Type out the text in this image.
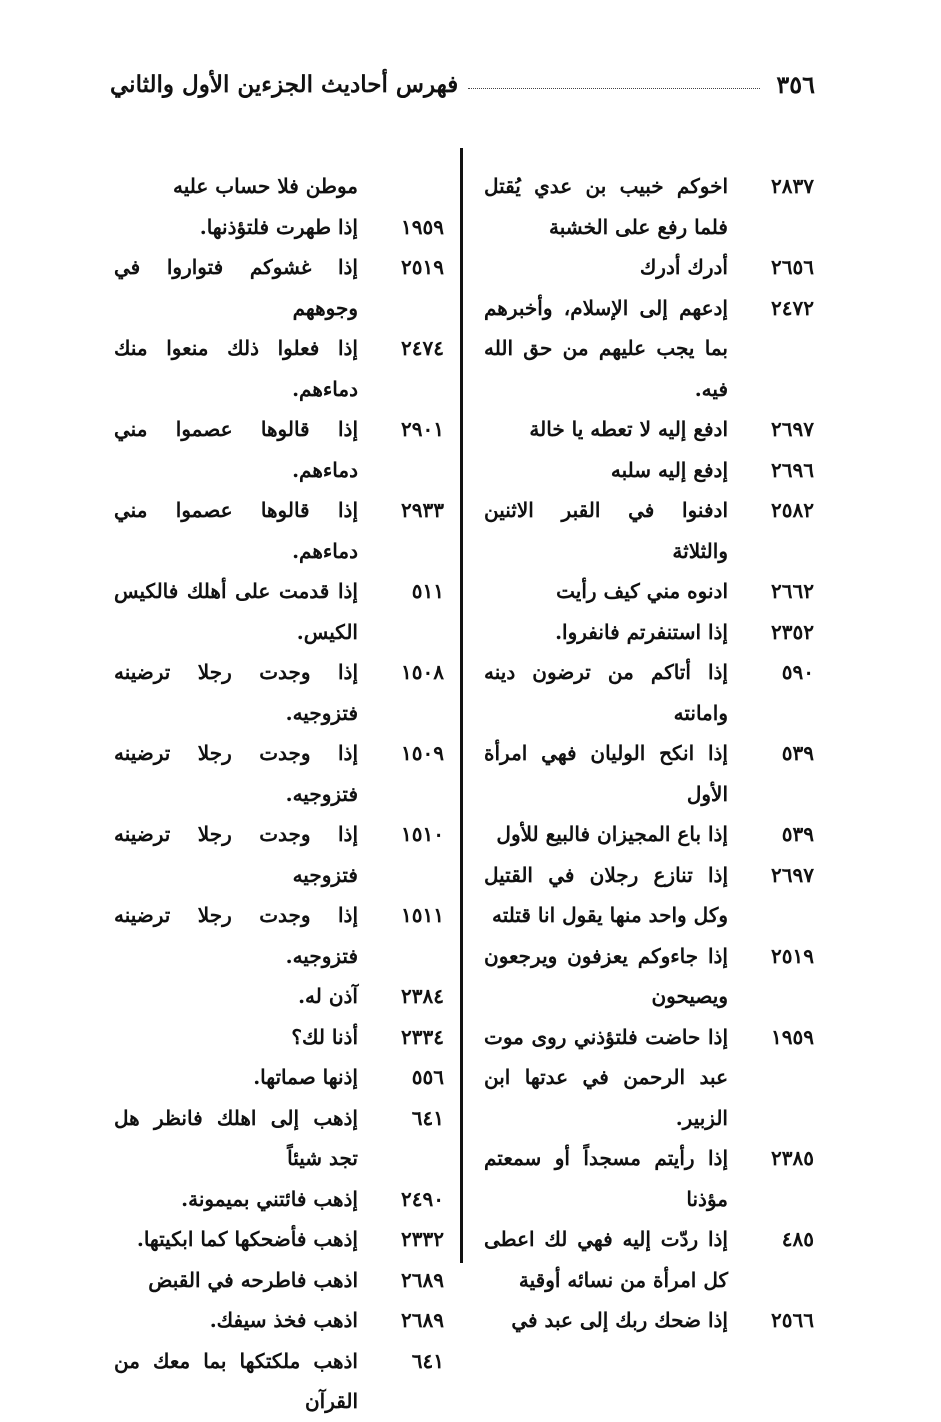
٣٥٦
فهرس أحاديث الجزءين الأول والثاني
٢٨٣٧
اخوكم خبيب بن عدي يُقتل فلما رفع على الخشبة
٢٦٥٦
أدرك أدرك
٢٤٧٢
إدعهم إلى الإسلام، وأخبرهم بما يجب عليهم من حق الله فيه.
٢٦٩٧
ادفع إليه لا تعطه يا خالة
٢٦٩٦
إدفع إليه سلبه
٢٥٨٢
ادفنوا في القبر الاثنين والثلاثة
٢٦٦٢
ادنوه مني كيف رأيت
٢٣٥٢
إذا استنفرتم فانفروا.
٥٩٠
إذا أتاكم من ترضون دينه وامانته
٥٣٩
إذا انكح الوليان فهي امرأة الأول
٥٣٩
إذا باع المجيزان فالبيع للأول
٢٦٩٧
إذا تنازع رجلان في القتيل وكل واحد منها يقول انا قتلته
٢٥١٩
إذا جاءوكم يعزفون ويرجعون ويصيحون
١٩٥٩
إذا حاضت فلتؤذني روى موت عبد الرحمن في عدتها ابن الزبير.
٢٣٨٥
إذا رأيتم مسجداً أو سمعتم مؤذنا
٤٨٥
إذا ردّت إليه فهي لك اعطى كل امرأة من نسائه أوقية
٢٥٦٦
إذا ضحك ربك إلى عبد في
موطن فلا حساب عليه
١٩٥٩
إذا طهرت فلتؤذنها.
٢٥١٩
إذا غشوكم فتواروا في وجوههم
٢٤٧٤
إذا فعلوا ذلك منعوا منك دماءهم.
٢٩٠١
إذا قالوها عصموا مني دماءهم.
٢٩٣٣
إذا قالوها عصموا مني دماءهم.
٥١١
إذا قدمت على أهلك فالكيس الكيس.
١٥٠٨
إذا وجدت رجلا ترضينه فتزوجيه.
١٥٠٩
إذا وجدت رجلا ترضينه فتزوجيه.
١٥١٠
إذا وجدت رجلا ترضينه فتزوجيه
١٥١١
إذا وجدت رجلا ترضينه فتزوجيه.
٢٣٨٤
آذن له.
٢٣٣٤
أذنا لك؟
٥٥٦
إذنها صماتها.
٦٤١
إذهب إلى اهلك فانظر هل تجد شيئاً
٢٤٩٠
إذهب فائتني بميمونة.
٢٣٣٢
إذهب فأضحكها كما ابكيتها.
٢٦٨٩
اذهب فاطرحه في القبض
٢٦٨٩
اذهب فخذ سيفك.
٦٤١
اذهب ملكتكها بما معك من القرآن
